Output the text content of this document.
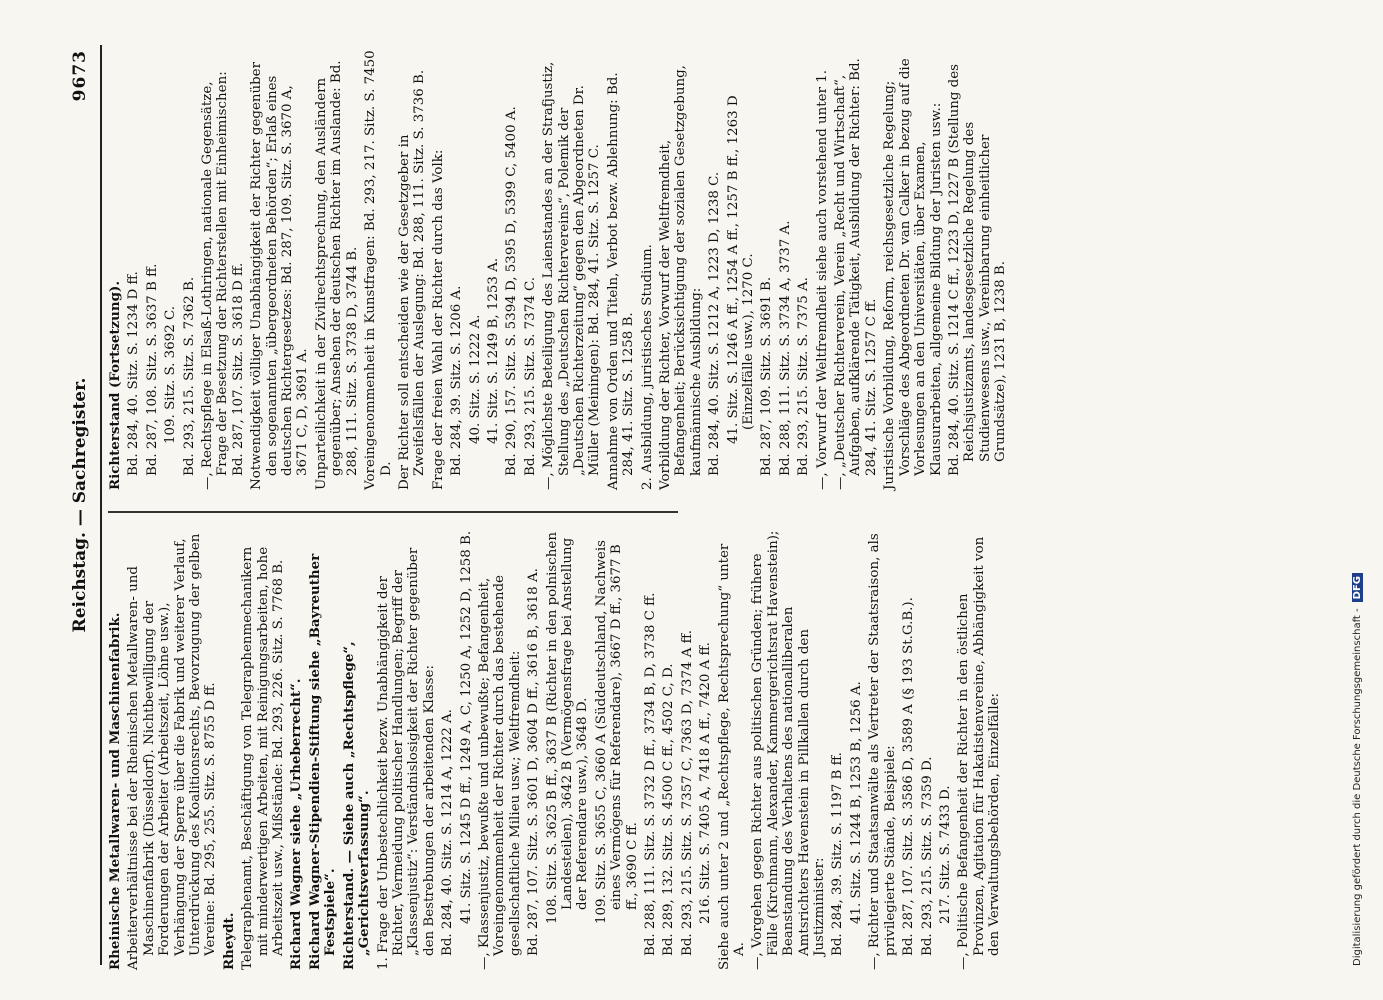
Reichstag. — Sachregister.
9673
Rheinische Metallwaren- und Maschinenfabrik. Arbeiterverhältnisse bei der Rheinischen Metallwaren- und Maschinenfabrik (Düsseldorf). Nichtbewilligung der Forderungen der Arbeiter (Arbeitszeit, Löhne usw.), Verhängung der Sperre über die Fabrik und weiterer Verlauf, Unterdrückung des Koalitionsrechts, Bevorzugung der gelben Vereine: Bd. 295, 255. Sitz. S. 8755 D ff. Rheydt. Telegraphenamt, Beschäftigung von Telegraphenmechanikern mit minderwertigen Arbeiten, mit Reinigungsarbeiten, hohe Arbeitszeit usw., Mißstände: Bd. 293, 226. Sitz. S. 7768 B. Richard Wagner siehe „Urheberrecht“. Richard Wagner-Stipendien-Stiftung siehe „Bayreuther Festspiele“. Richterstand. — Siehe auch „Rechtspflege“, „Gerichtsverfassung“. 1. Frage der Unbestechlichkeit bezw. Unabhängigkeit der Richter, Vermeidung politischer Handlungen; Begriff der „Klassenjustiz“: Verständnislosigkeit der Richter gegenüber den Bestrebungen der arbeitenden Klasse: Bd. 284, 40. Sitz. S. 1214 A, 1222 A. 41. Sitz. S. 1245 D ff., 1249 A, C, 1250 A, 1252 D, 1258 B. —, Klassenjustiz, bewußte und unbewußte; Befangenheit, Voreingenommenheit der Richter durch das bestehende gesellschaftliche Milieu usw.; Weltfremdheit: Bd. 287, 107. Sitz. S. 3601 D, 3604 D ff., 3616 B, 3618 A. 108. Sitz. S. 3625 B ff., 3637 B (Richter in den polnischen Landesteilen), 3642 B (Vermögensfrage bei Anstellung der Referendare usw.), 3648 D. 109. Sitz. S. 3655 C, 3660 A (Süddeutschland, Nachweis eines Vermögens für Referendare), 3667 D ff., 3677 B ff., 3690 C ff. Bd. 288, 111. Sitz. S. 3732 D ff., 3734 B, D, 3738 C ff. Bd. 289, 132. Sitz. S. 4500 C ff., 4502 C, D. Bd. 293, 215. Sitz. S. 7357 C, 7363 D, 7374 A ff. 216. Sitz. S. 7405 A, 7418 A ff., 7420 A ff. Siehe auch unter 2 und „Rechtspflege, Rechtsprechung“ unter A. —, Vorgehen gegen Richter aus politischen Gründen; frühere Fälle (Kirchmann, Alexander, Kammergerichtsrat Havenstein); Beanstandung des Verhaltens des nationalliberalen Amtsrichters Havenstein in Pillkallen durch den Justizminister: Bd. 284, 39. Sitz. S. 1197 B ff. 41. Sitz. S. 1244 B, 1253 B, 1256 A. —, Richter und Staatsanwälte als Vertreter der Staatsraison, als privilegierte Stände, Beispiele: Bd. 287, 107. Sitz. S. 3586 D, 3589 A (§ 193 St.G.B.). Bd. 293, 215. Sitz. S. 7359 D. 217. Sitz. S. 7433 D. —, Politische Befangenheit der Richter in den östlichen Provinzen, Agitation für Hakatistenvereine, Abhängigkeit von den Verwaltungsbehörden, Einzelfälle:
Richterstand (Fortsetzung). Bd. 284, 40. Sitz. S. 1234 D ff. Bd. 287, 108. Sitz. S. 3637 B ff. 109. Sitz. S. 3692 C. Bd. 293, 215. Sitz. S. 7362 B. —, Rechtspflege in Elsaß-Lothringen, nationale Gegensätze, Frage der Besetzung der Richterstellen mit Einheimischen: Bd. 287, 107. Sitz. S. 3618 D ff. Notwendigkeit völliger Unabhängigkeit der Richter gegenüber den sogenannten „übergeordneten Behörden“; Erlaß eines deutschen Richtergesetzes: Bd. 287, 109. Sitz. S. 3670 A, 3671 C, D, 3691 A. Unparteilichkeit in der Zivilrechtsprechung, den Ausländern gegenüber; Ansehen der deutschen Richter im Auslande: Bd. 288, 111. Sitz. S. 3738 D, 3744 B. Voreingenommenheit in Kunstfragen: Bd. 293, 217. Sitz. S. 7450 D. Der Richter soll entscheiden wie der Gesetzgeber in Zweifelsfällen der Auslegung: Bd. 288, 111. Sitz. S. 3736 B. Frage der freien Wahl der Richter durch das Volk: Bd. 284, 39. Sitz. S. 1206 A. 40. Sitz. S. 1222 A. 41. Sitz. S. 1249 B, 1253 A. Bd. 290, 157. Sitz. S. 5394 D, 5395 D, 5399 C, 5400 A. Bd. 293, 215. Sitz. S. 7374 C. —, Möglichste Beteiligung des Laienstandes an der Strafjustiz, Stellung des „Deutschen Richtervereins“, Polemik der „Deutschen Richterzeitung“ gegen den Abgeordneten Dr. Müller (Meiningen): Bd. 284, 41. Sitz. S. 1257 C. Annahme von Orden und Titeln, Verbot bezw. Ablehnung: Bd. 284, 41. Sitz. S. 1258 B. 2. Ausbildung, juristisches Studium. Vorbildung der Richter, Vorwurf der Weltfremdheit, Befangenheit; Berücksichtigung der sozialen Gesetzgebung, kaufmännische Ausbildung: Bd. 284, 40. Sitz. S. 1212 A, 1223 D, 1238 C. 41. Sitz. S. 1246 A ff., 1254 A ff., 1257 B ff., 1263 D (Einzelfälle usw.), 1270 C. Bd. 287, 109. Sitz. S. 3691 B. Bd. 288, 111. Sitz. S. 3734 A, 3737 A. Bd. 293, 215. Sitz. S. 7375 A. —, Vorwurf der Weltfremdheit siehe auch vorstehend unter 1. —, „Deutscher Richterverein, Verein „Recht und Wirtschaft“, Aufgaben, aufklärende Tätigkeit, Ausbildung der Richter: Bd. 284, 41. Sitz. S. 1257 C ff. Juristische Vorbildung, Reform, reichsgesetzliche Regelung; Vorschläge des Abgeordneten Dr. van Calker in bezug auf die Vorlesungen an den Universitäten, über Examen, Klausurarbeiten, allgemeine Bildung der Juristen usw.: Bd. 284, 40. Sitz. S. 1214 C ff., 1223 D, 1227 B (Stellung des Reichsjustizamts, landesgesetzliche Regelung des Studienwesens usw., Vereinbarung einheitlicher Grundsätze), 1231 B, 1238 B.
Digitalisierung gefördert durch die Deutsche Forschungsgemeinschaft -DFG
